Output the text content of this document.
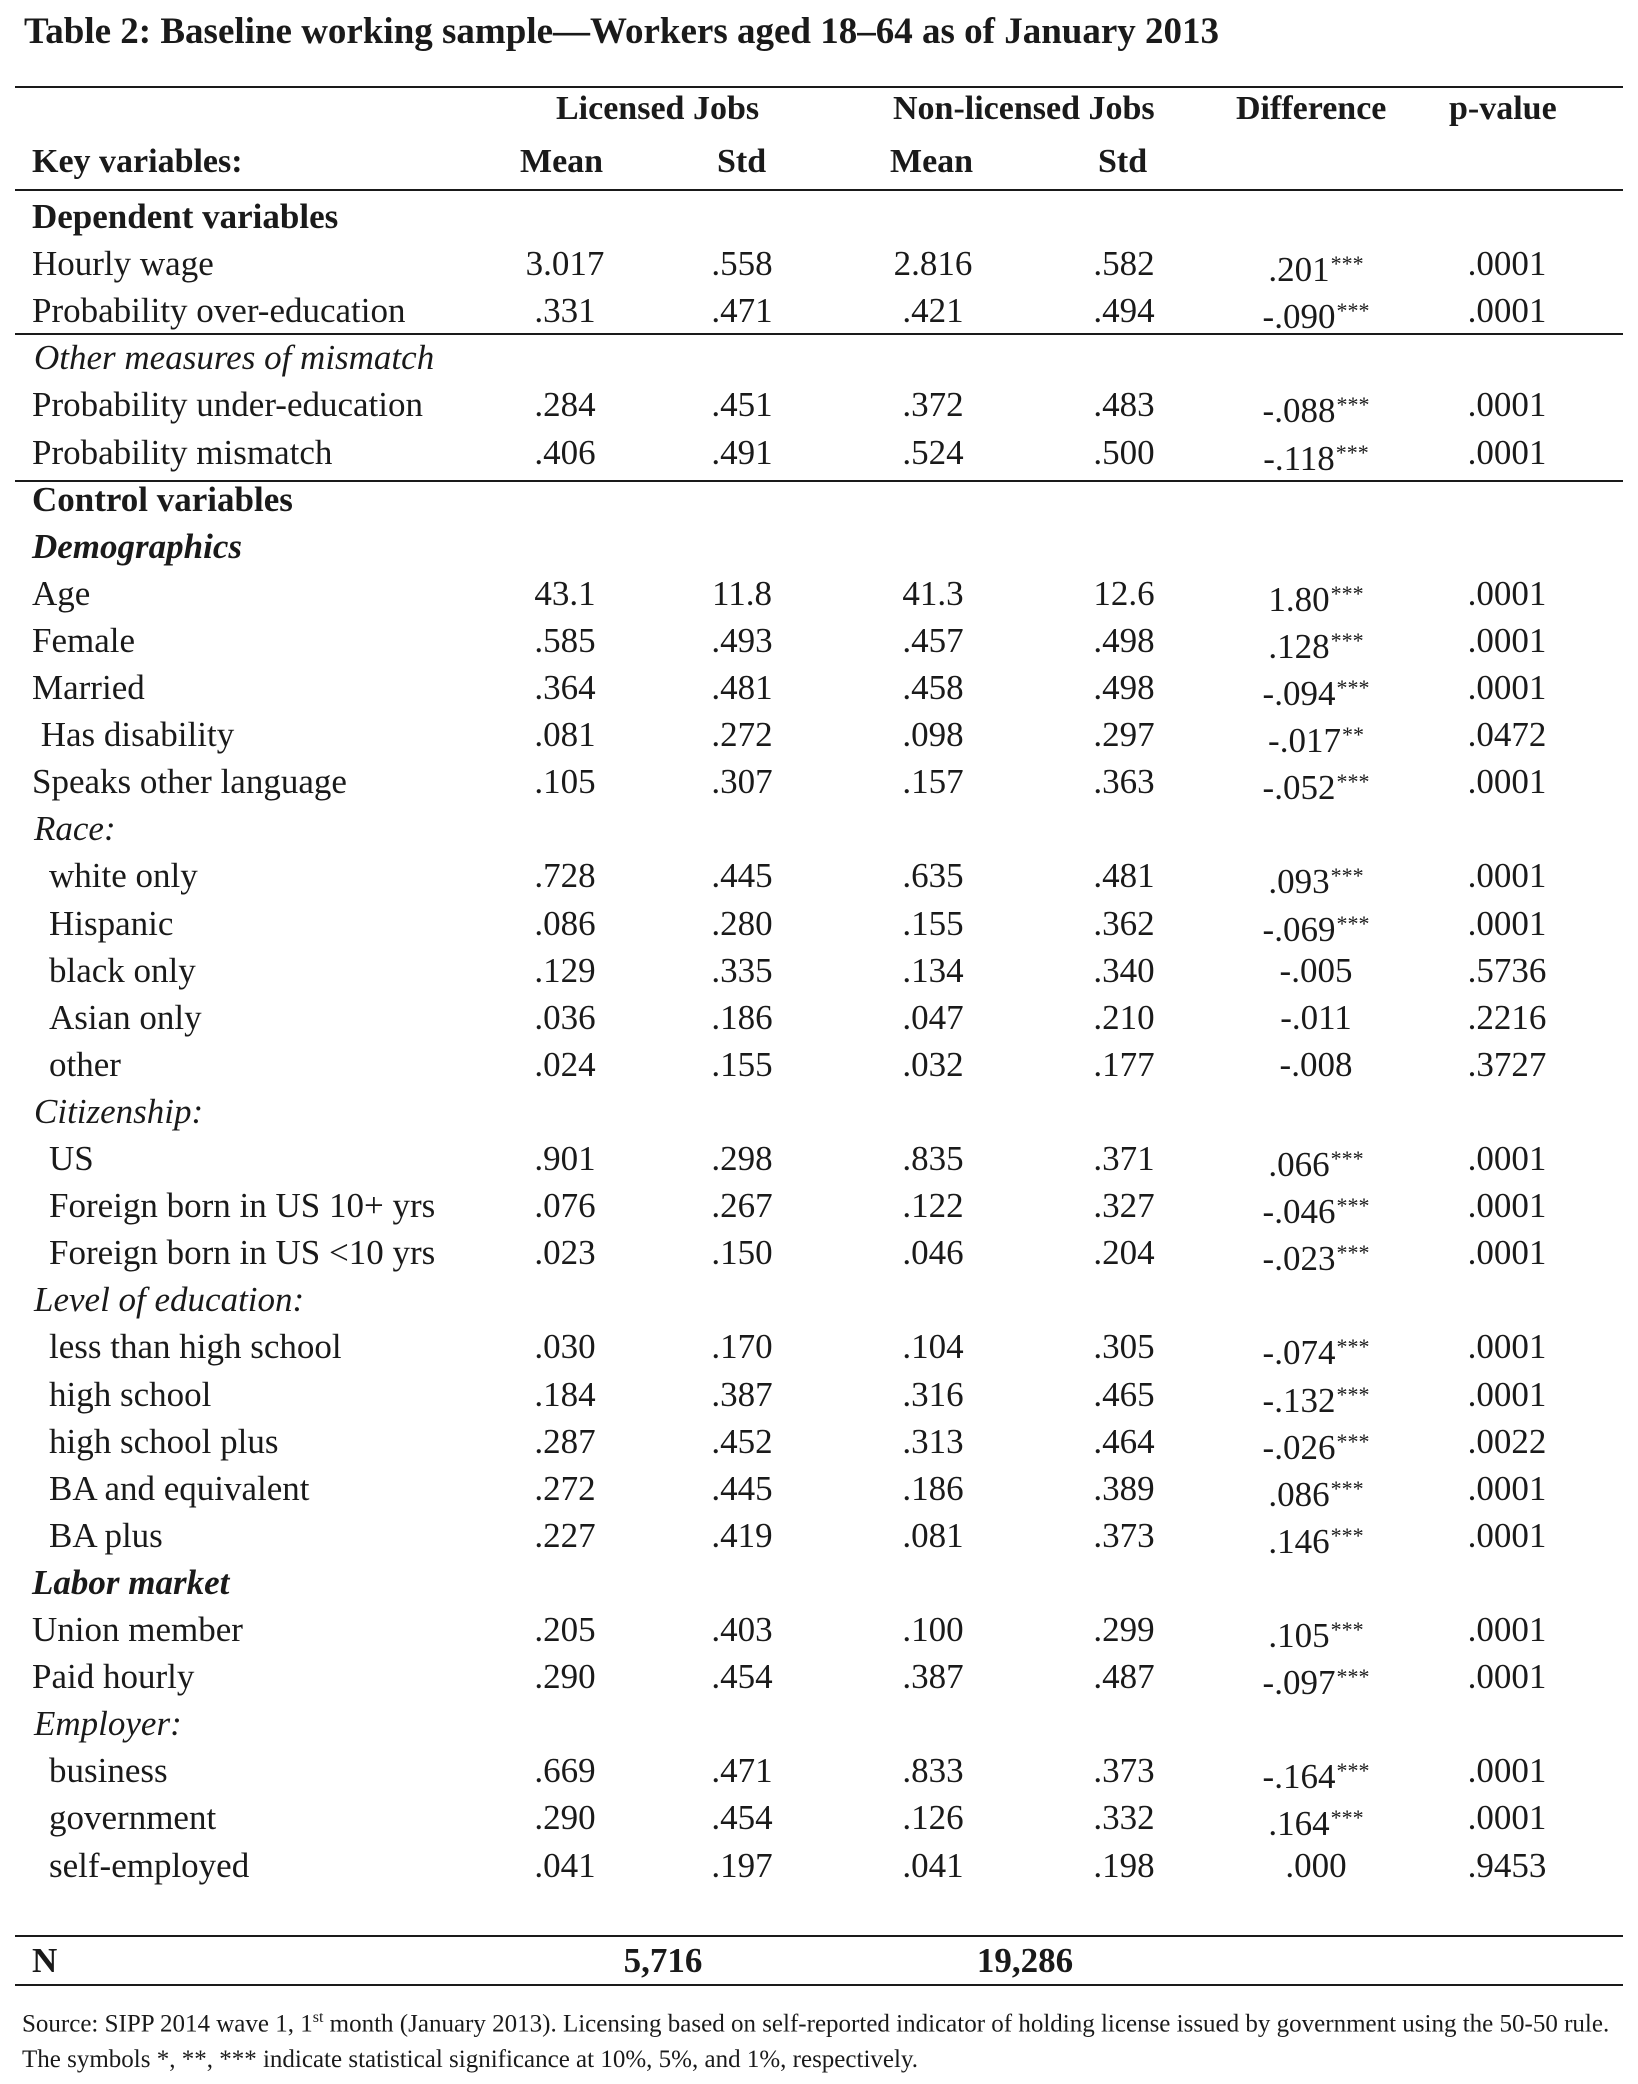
Table 2: Baseline working sample—Workers aged 18–64 as of January 2013
Licensed Jobs	Non-licensed Jobs Difference p-value
Key variables:	Mean	Std	Mean	Std
Dependent variables
Hourly wage	3.017	.558	2.816	.582	.201***	.0001
Probability over-education	.331	.471	.421	.494	-.090***	.0001
Other measures of mismatch
Probability under-education	.284	.451	.372	.483	-.088***	.0001
Probability mismatch	.406	.491	.524	.500	-.118***	.0001
Control variables
Demographics
Age	43.1	11.8	41.3	12.6	1.80***	.0001
Female	.585	.493	.457	.498	.128***	.0001
Married	.364	.481	.458	.498	-.094***	.0001
Has disability	.081	.272	.098	.297	-.017**	.0472
Speaks other language	.105	.307	.157	.363	-.052***	.0001
Race:
white only	.728	.445	.635	.481	.093***	.0001
Hispanic	.086	.280	.155	.362	-.069***	.0001
black only	.129	.335	.134	.340	-.005	.5736
Asian only	.036	.186	.047	.210	-.011	.2216
other	.024	.155	.032	.177	-.008	.3727
Citizenship:
US	.901	.298	.835	.371	.066***	.0001
Foreign born in US 10+ yrs	.076	.267	.122	.327	-.046***	.0001
Foreign born in US <10 yrs	.023	.150	.046	.204	-.023***	.0001
Level of education:
less than high school	.030	.170	.104	.305	-.074***	.0001
high school	.184	.387	.316	.465	-.132***	.0001
high school plus	.287	.452	.313	.464	-.026***	.0022
BA and equivalent	.272	.445	.186	.389	.086***	.0001
BA plus	.227	.419	.081	.373	.146***	.0001
Labor market
Union member	.205	.403	.100	.299	.105***	.0001
Paid hourly	.290	.454	.387	.487	-.097***	.0001
Employer:
business	.669	.471	.833	.373	-.164***	.0001
government	.290	.454	.126	.332	.164***	.0001
self-employed	.041	.197	.041	.198	.000	.9453
N	5,716	19,286
Source: SIPP 2014 wave 1, 1st month (January 2013). Licensing based on self-reported indicator of holding license issued by government using the 50-50 rule. The symbols *, **, *** indicate statistical significance at 10%, 5%, and 1%, respectively.
